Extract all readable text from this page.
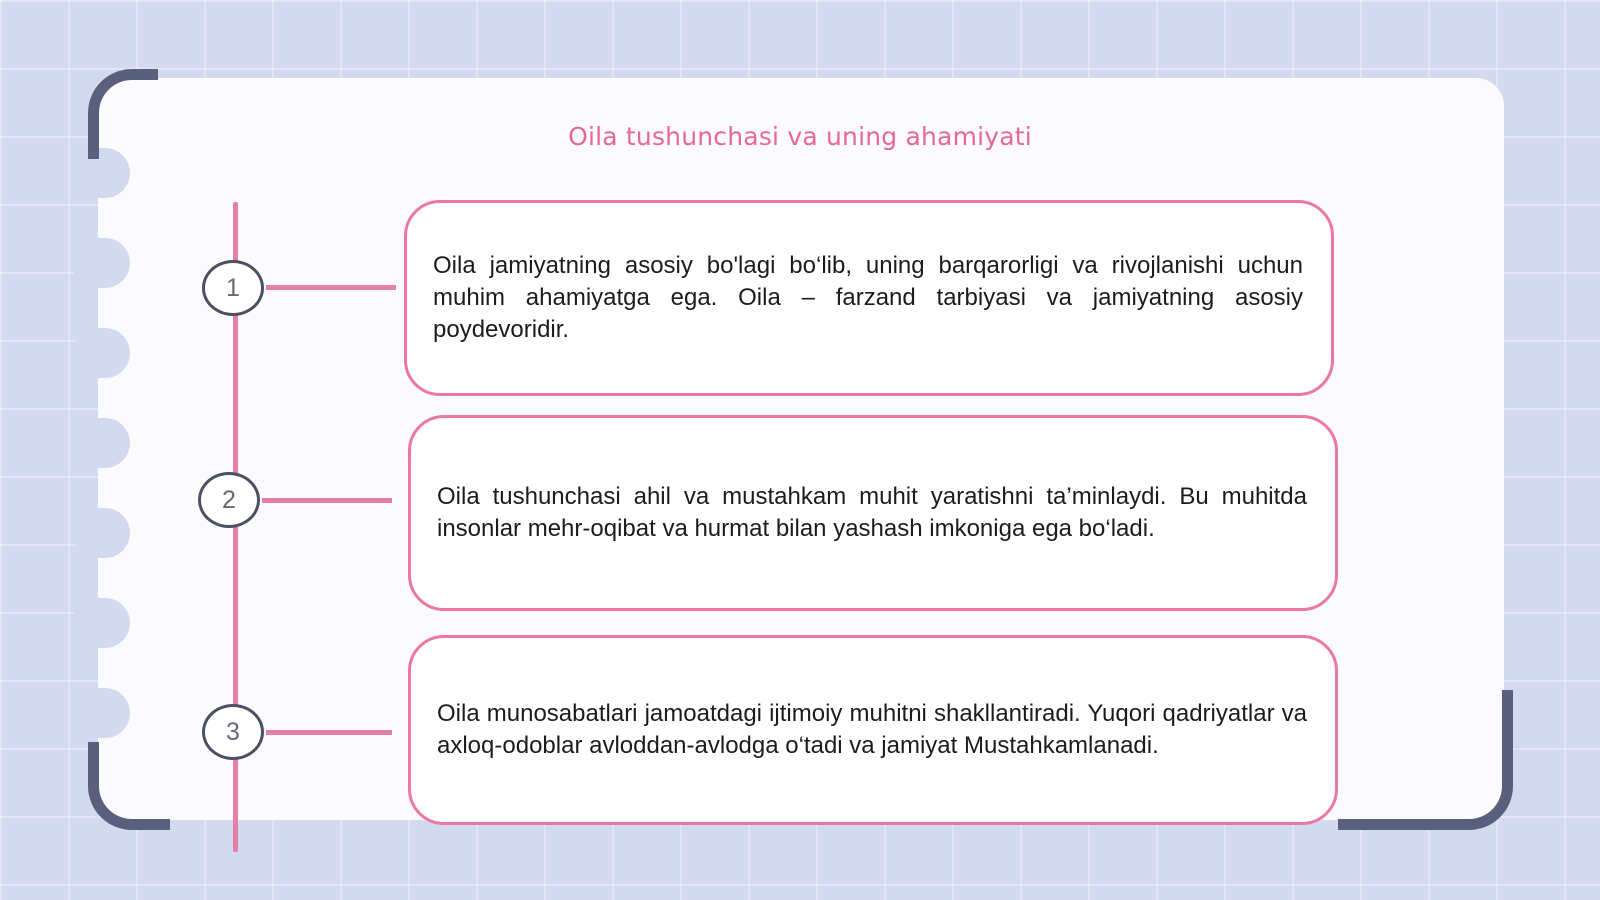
Oila tushunchasi va uning ahamiyati
1
2
3

Oila jamiyatning asosiy bo'lagi bo‘lib, uning barqarorligi va rivojlanishi uchun muhim ahamiyatga ega. Oila – farzand tarbiyasi va jamiyatning asosiy poydevoridir.

Oila tushunchasi ahil va mustahkam muhit yaratishni ta’minlaydi. Bu muhitda insonlar mehr-oqibat va hurmat bilan yashash imkoniga ega bo‘ladi.

Oila munosabatlari jamoatdagi ijtimoiy muhitni shakllantiradi. Yuqori qadriyatlar va axloq-odoblar avloddan-avlodga o‘tadi va jamiyat Mustahkamlanadi.
